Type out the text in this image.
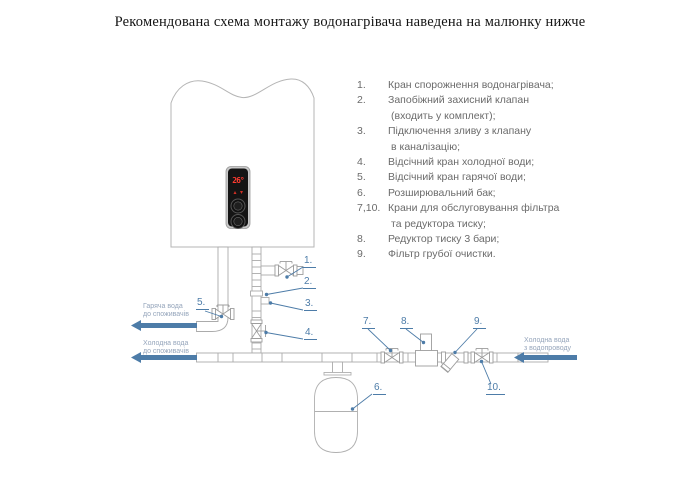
Рекомендована схема монтажу водонагрівача наведена на малюнку нижче
1. Кран спорожнення водонагрівача;
2. Запобіжний захисний клапан
(входить у комплект);
3. Підключення зливу з клапану
в каналізацію;
4. Відсічний кран холодної води;
5. Відсічний кран гарячої води;
6. Розширювальний бак;
7,10. Крани для обслуговування фільтра
та редуктора тиску;
8. Редуктор тиску 3 бари;
9. Фільтр грубої очистки.
26°
1.
2.
3.
4.
5.
6.
7.	8.	9.
10.
Гаряча вода
до споживачів
Холодна вода
до споживачів
Холодна вода
з водопроводу
